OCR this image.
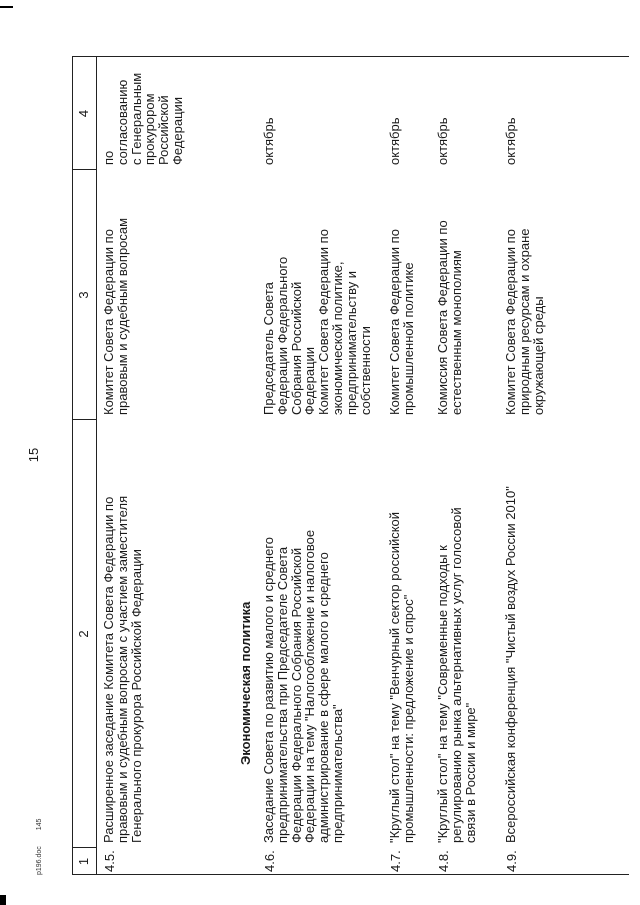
p196.doc 145
15
1
2
3
4
4.5.
Расширенное заседание Комитета Совета Федерации по
правовым и судебным вопросам с участием заместителя
Генерального прокурора Российской Федерации
Комитет Совета Федерации по
правовым и судебным вопросам
по
согласованию
с Генеральным
прокурором
Российской
Федерации
Экономическая политика
4.6.
Заседание Совета по развитию малого и среднего
предпринимательства при Председателе Совета
Федерации Федерального Собрания Российской
Федерации на тему "Налогообложение и налоговое
администрирование в сфере малого и среднего
предпринимательства"
Председатель Совета
Федерации Федерального
Собрания Российской
Федерации
Комитет Совета Федерации по
экономической политике,
предпринимательству и
собственности
октябрь
4.7.
"Круглый стол" на тему "Венчурный сектор российской
промышленности: предложение и спрос"
Комитет Совета Федерации по
промышленной политике
октябрь
4.8.
"Круглый стол" на тему "Современные подходы к
регулированию рынка альтернативных услуг голосовой
связи в России и мире"
Комиссия Совета Федерации по
естественным монополиям
октябрь
4.9.
Всероссийская конференция "Чистый воздух России 2010"
Комитет Совета Федерации по
природным ресурсам и охране
окружающей среды
октябрь
